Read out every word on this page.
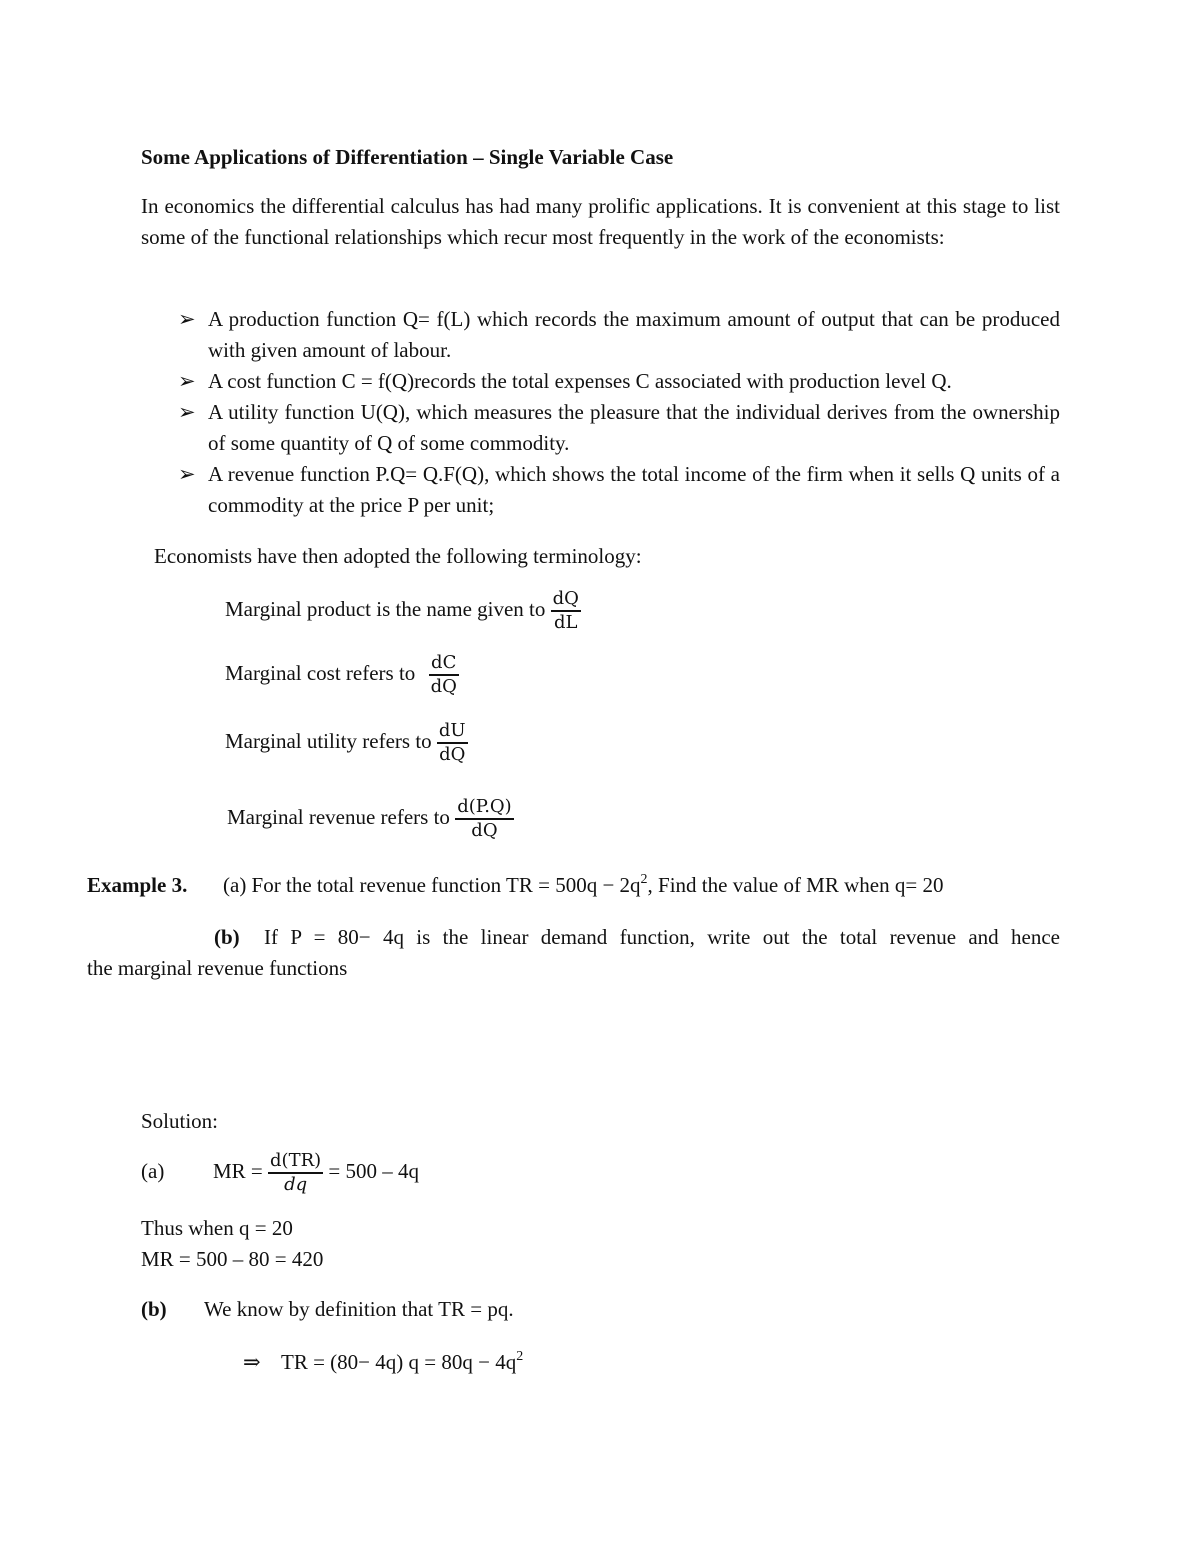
Some Applications of Differentiation – Single Variable Case
In economics the differential calculus has had many prolific applications. It is convenient at this stage to list some of the functional relationships which recur most frequently in the work of the economists:
➢ A production function Q= f(L) which records the maximum amount of output that can be produced with given amount of labour.
➢ A cost function C = f(Q)records the total expenses C associated with production level Q.
➢ A utility function U(Q), which measures the pleasure that the individual derives from the ownership of some quantity of Q of some commodity.
➢ A revenue function P.Q= Q.F(Q), which shows the total income of the firm when it sells Q units of a commodity at the price P per unit;
Economists have then adopted the following terminology:
Marginal product is the name given to $\frac{dQ}{dL}$
Marginal cost refers to $\frac{dC}{dQ}$
Marginal utility refers to $\frac{dU}{dQ}$
Marginal revenue refers to $\frac{d(P.Q)}{dQ}$
Example 3. (a) For the total revenue function TR = $500q - 2q^2$, Find the value of MR when q= 20
(b)	If P = 80− 4q is the linear demand function, write out the total revenue and hence
the marginal revenue functions
Solution:
(a) MR = $\frac{d(TR)}{dq} = 500 - 4q$
Thus when q = 20
MR = 500 – 80 = 420
(b) We know by definition that TR = pq.
⇒ TR = (80− 4q) $q = 80q - 4q^2$
